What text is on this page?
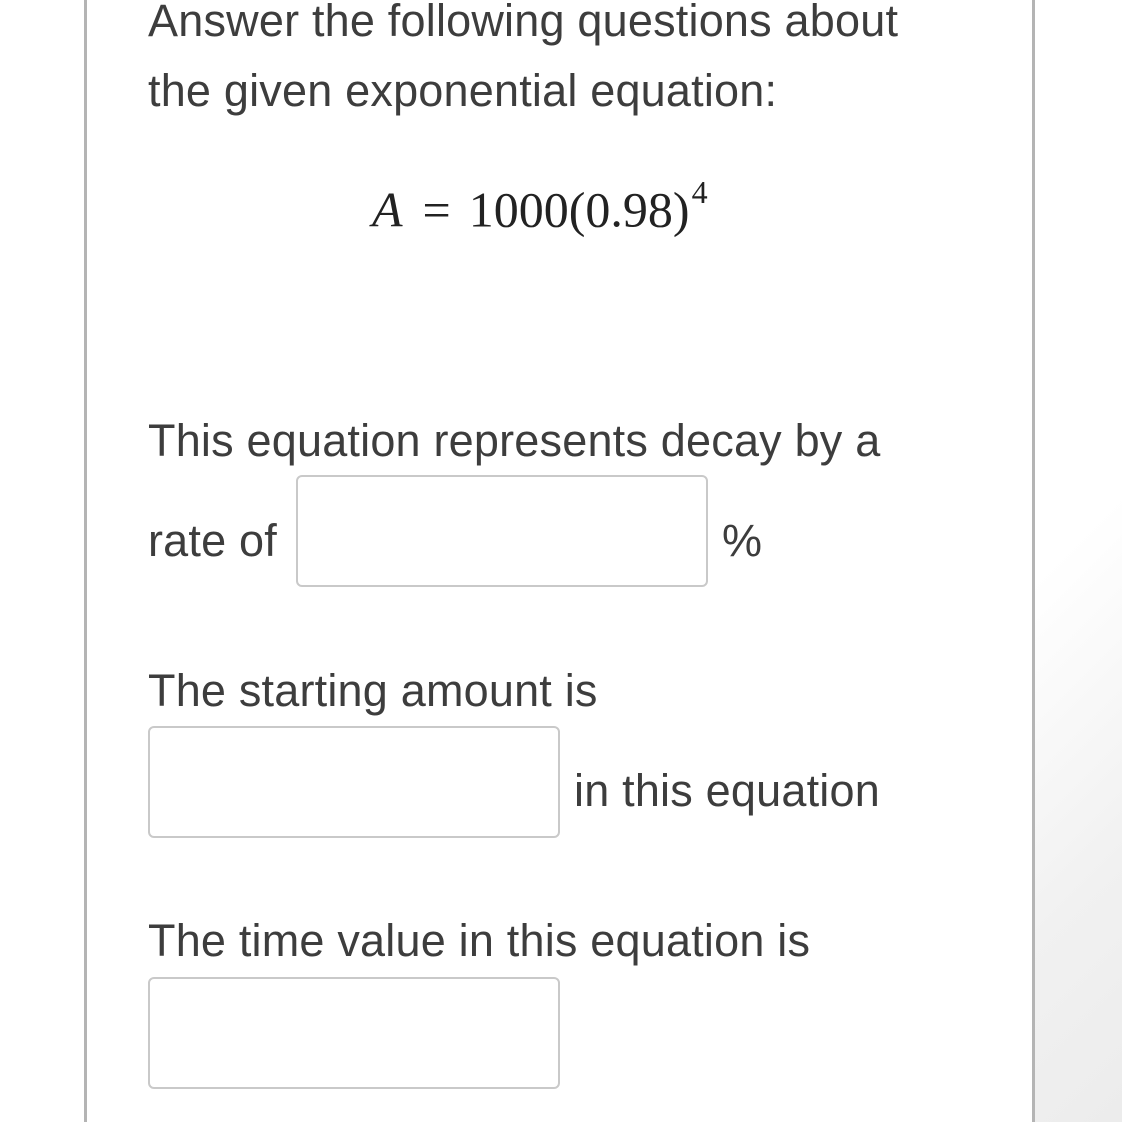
Answer the following questions about
the given exponential equation:
$A = 1000(0.98)^4$
This equation represents decay by a
rate of	%
The starting amount is
in this equation
The time value in this equation is
